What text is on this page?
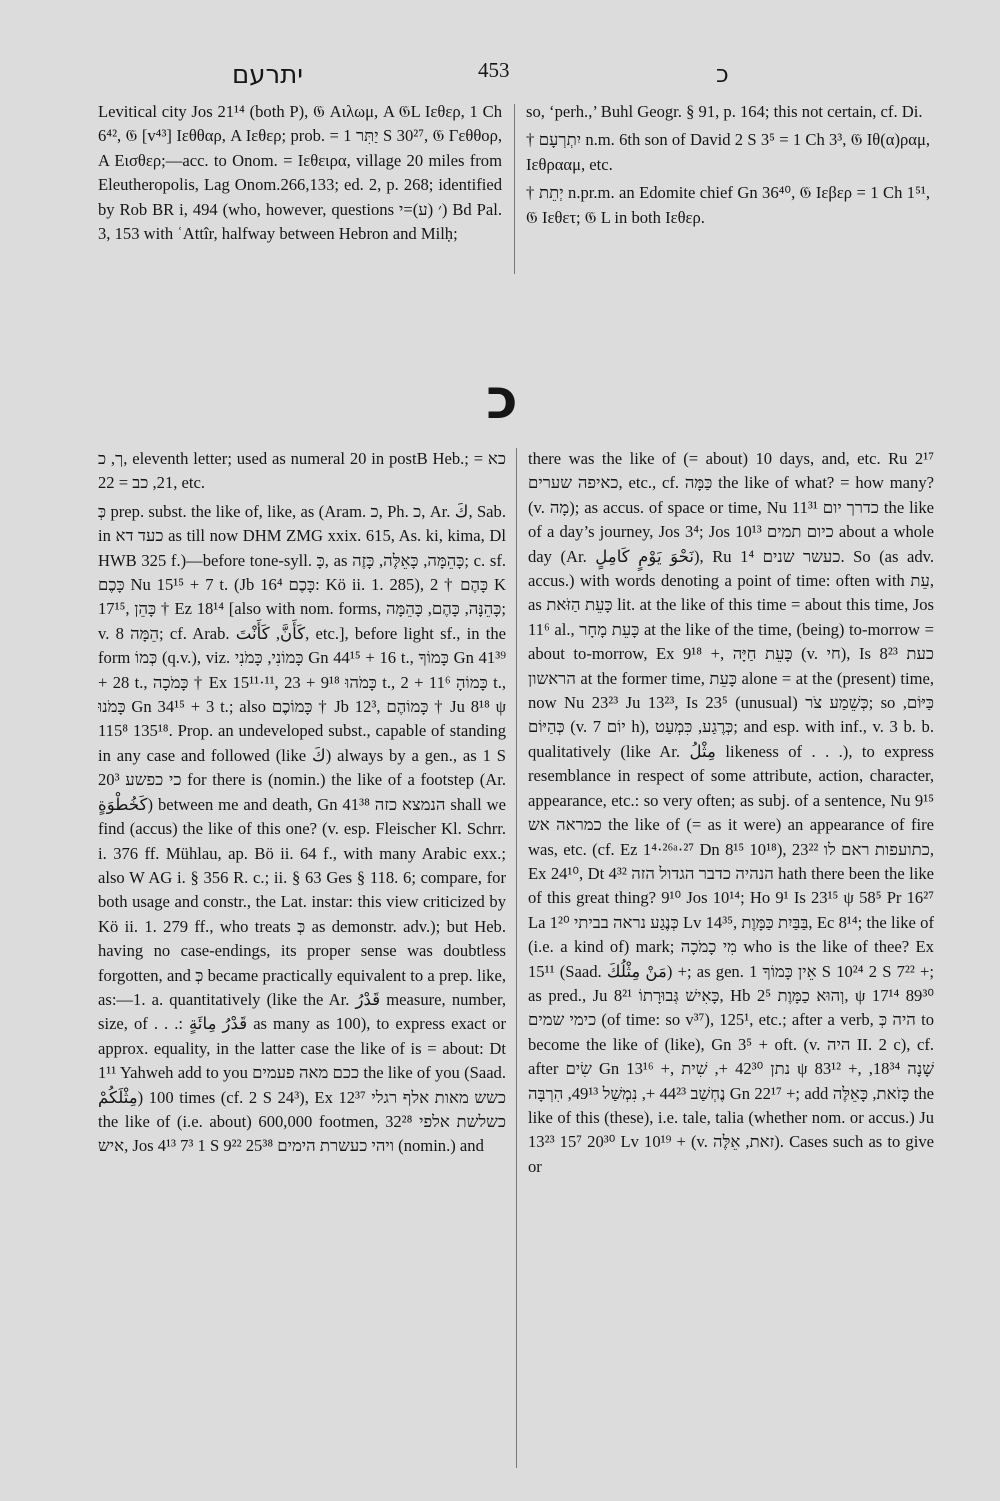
יתרעם	453	כ

Levitical city Jos 21¹⁴ (both P), 𝔊 Αιλωμ, A 𝔊L Ιεθερ, 1 Ch 6⁴², 𝔊 [v⁴³] Ιεθθαρ, A Ιεθερ; prob. = יַתִּר 1 S 30²⁷, 𝔊 Γεθθορ, A Εισθερ;—acc. to Onom. = Ιεθειρα, village 20 miles from Eleutheropolis, Lag Onom.266,133; ed. 2, p. 268; identified by Rob BR i, 494 (who, however, questions ׳ (ע)=י) Bd Pal. 3, 153 with ʿAttîr, halfway between Hebron and Milḥ;

so, ‘perh.,’ Buhl Geogr. § 91, p. 164; this not certain, cf. Di.

† יִתְרְעָם n.m. 6th son of David 2 S 3⁵ = 1 Ch 3³, 𝔊 Ιθ(α)ραμ, Ιεθρααμ, etc.

† יְתֵת n.pr.m. an Edomite chief Gn 36⁴⁰, 𝔊 Ιεβερ = 1 Ch 1⁵¹, 𝔊 Ιεθετ; 𝔊 L in both Ιεθερ.

כ

ך, כ, eleventh letter; used as numeral 20 in postB Heb.; כא = 21, כב = 22, etc.

כְּ prep. subst. the like of, like, as (Aram. כ, Ph. כ, Ar. كَ, Sab. in כעד דא as till now DHM ZMG xxix. 615, As. ki, kima, Dl HWB 325 f.)—before tone-syll. כָּ, as כָּהֵמָּה, כָּאֵלֶּה, כָּזֶה; c. sf. כָּכֶם Nu 15¹⁵ + 7 t. (Jb 16⁴ כָּכֶם: Kö ii. 1. 285), כָּהֶם † 2 K 17¹⁵, כָּהֵן † Ez 18¹⁴ [also with nom. forms, כָּהֵנָּה, כָּהֶם, כָּהֵמָּה; v. הֵמָּה 8; cf. Arab. كَأَنَّ, كَأَنْتَ, etc.], before light sf., in the form כְּמוֹ (q.v.), viz. כָּמוֹנִי, כָּמֹנִי Gn 44¹⁵ + 16 t., כָּמוֹךָ Gn 41³⁹ + 28 t., כָּמֹכָה † Ex 15¹¹·¹¹, כָּמֹהוּ 9¹⁸ + 23 t., כָּמוֹהָ 11⁶ + 2 t., כָּמֹנוּ Gn 34¹⁵ + 3 t.; also כָּמוֹכֶם † Jb 12³, כָּמוֹהֶם † Ju 8¹⁸ ψ 115⁸ 135¹⁸. Prop. an undeveloped subst., capable of standing in any case and followed (like كَ) always by a gen., as 1 S 20³ כי כפשע for there is (nomin.) the like of a footstep (Ar. كَخُطْوَةٍ) between me and death, Gn 41³⁸ הנמצא כזה shall we find (accus) the like of this one? (v. esp. Fleischer Kl. Schrr. i. 376 ff. Mühlau, ap. Bö ii. 64 f., with many Arabic exx.; also W AG i. § 356 R. c.; ii. § 63 Ges § 118. 6; compare, for both usage and constr., the Lat. instar: this view criticized by Kö ii. 1. 279 ff., who treats כְּ as demonstr. adv.); but Heb. having no case-endings, its proper sense was doubtless forgotten, and כְּ became practically equivalent to a prep. like, as:—1. a. quantitatively (like the Ar. قَدْرُ measure, number, size, of . . .: قَدْرُ مِائَةٍ as many as 100), to express exact or approx. equality, in the latter case the like of is = about: Dt 1¹¹ Yahweh add to you ככם מאה פעמים the like of you (Saad. مِثْلَكُمْ) 100 times (cf. 2 S 24³), Ex 12³⁷ כשש מאות אלף רגלי the like of (i.e. about) 600,000 footmen, 32²⁸ כשלשת אלפי איש, Jos 4¹³ 7³ 1 S 9²² 25³⁸ ויהי כעשרת הימים (nomin.) and

there was the like of (= about) 10 days, and, etc. Ru 2¹⁷ כאיפה שערים, etc., cf. כַּמָּה the like of what? = how many? (v. מָה); as accus. of space or time, Nu 11³¹ כדרך יום the like of a day’s journey, Jos 3⁴; Jos 10¹³ כיום תמים about a whole day (Ar. نَحْوَ يَوْمٍ كَامِلٍ), Ru 1⁴ כעשר שנים. So (as adv. accus.) with words denoting a point of time: often with עֵת, as כָּעֵת הַזֹּאת lit. at the like of this time = about this time, Jos 11⁶ al., כָּעֵת מָחָר at the like of the time, (being) to-morrow = about to-morrow, Ex 9¹⁸ +, כָּעֵת חַיָּה (v. חי), Is 8²³ כעת הראשון at the former time, כָּעֵת alone = at the (present) time, now Nu 23²³ Ju 13²³, Is 23⁵ (unusual) כְּשֵׁמַע צֹר; so כַּיּוֹם, כְּהַיּוֹם (v. יוֹם 7 h), כְּרֶגַע, כִּמְעַט; and esp. with inf., v. 3 b. b. qualitatively (like Ar. مِثْلُ likeness of . . .), to express resemblance in respect of some attribute, action, character, appearance, etc.: so very often; as subj. of a sentence, Nu 9¹⁵ כמראה אש the like of (= as it were) an appearance of fire was, etc. (cf. Ez 1⁴·²⁶ᵃ·²⁷ Dn 8¹⁵ 10¹⁸), 23²² כתועפות ראם לו, Ex 24¹⁰, Dt 4³² הנהיה כדבר הגדול הזה hath there been the like of this great thing? 9¹⁰ Jos 10¹⁴; Ho 9¹ Is 23¹⁵ ψ 58⁵ Pr 16²⁷ La 1²⁰ כְּנֶגַע נראה בביתי Lv 14³⁵, בַּבַּיִת כַּמָּוֶת, Ec 8¹⁴; the like of (i.e. a kind of) mark; מִי כָמֹכָה who is the like of thee? Ex 15¹¹ (Saad. مَنْ مِثْلُكَ) +; as gen. אֵין כָּמוֹךָ 1 S 10²⁴ 2 S 7²² +; as pred., Ju 8²¹ כָּאִישׁ גְּבוּרָתוֹ, Hb 2⁵ וְהוּא כַמָּוֶת, ψ 17¹⁴ 89³⁰ כימי שמים (of time: so v³⁷), 125¹, etc.; after a verb, היה כְּ to become the like of (like), Gn 3⁵ + oft. (v. היה II. 2 c), cf. after שִׂים Gn 13¹⁶ +, נתן 42³⁰ +, שִׁית ψ 83¹² +, שָׁנָה 18³⁴, נֶחְשַׁב 44²³ +, נִמְשַׁל 49¹³, הִרְבָּה Gn 22¹⁷ +; add כָּזֹאת, כָּאֵלֶּה the like of this (these), i.e. tale, talia (whether nom. or accus.) Ju 13²³ 15⁷ 20³⁰ Lv 10¹⁹ + (v. זאת, אֵלֶּה). Cases such as to give or
